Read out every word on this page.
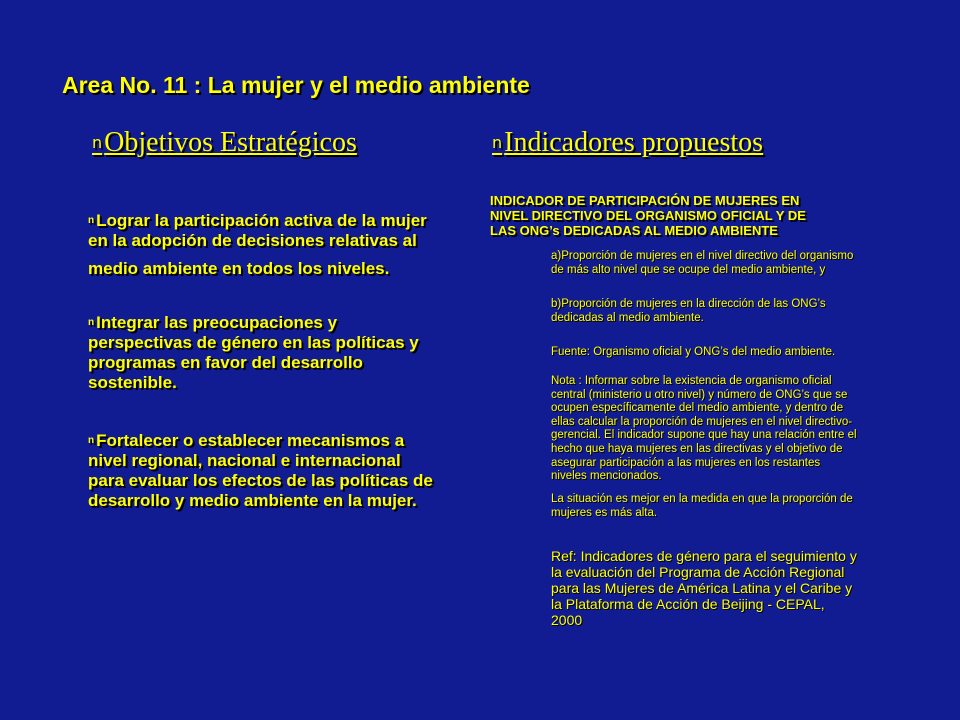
Area No. 11 : La mujer y el medio ambiente
nObjetivos Estratégicos	nIndicadores propuestos
n Lograr la participación activa de la mujer
en la adopción de decisiones relativas al
medio ambiente en todos los niveles.
n Integrar las preocupaciones y
perspectivas de género en las políticas y
programas en favor del desarrollo
sostenible.
n Fortalecer o establecer mecanismos a
nivel regional, nacional e internacional
para evaluar los efectos de las políticas de
desarrollo y medio ambiente en la mujer.
INDICADOR DE PARTICIPACIÓN DE MUJERES EN
NIVEL DIRECTIVO DEL ORGANISMO OFICIAL Y DE
LAS ONG’s DEDICADAS AL MEDIO AMBIENTE
a)Proporción de mujeres en el nivel directivo del organismo
de más alto nivel que se ocupe del medio ambiente, y
b)Proporción de mujeres en la dirección de las ONG’s
dedicadas al medio ambiente.
Fuente: Organismo oficial y ONG’s del medio ambiente.
Nota : Informar sobre la existencia de organismo oficial
central (ministerio u otro nivel) y número de ONG’s que se
ocupen específicamente del medio ambiente, y dentro de
ellas calcular la proporción de mujeres en el nivel directivo-
gerencial. El indicador supone que hay una relación entre el
hecho que haya mujeres en las directivas y el objetivo de
asegurar participación a las mujeres en los restantes
niveles mencionados.
La situación es mejor en la medida en que la proporción de
mujeres es más alta.
Ref: Indicadores de género para el seguimiento y
la evaluación del Programa de Acción Regional
para las Mujeres de América Latina y el Caribe y
la Plataforma de Acción de Beijing - CEPAL,
2000
